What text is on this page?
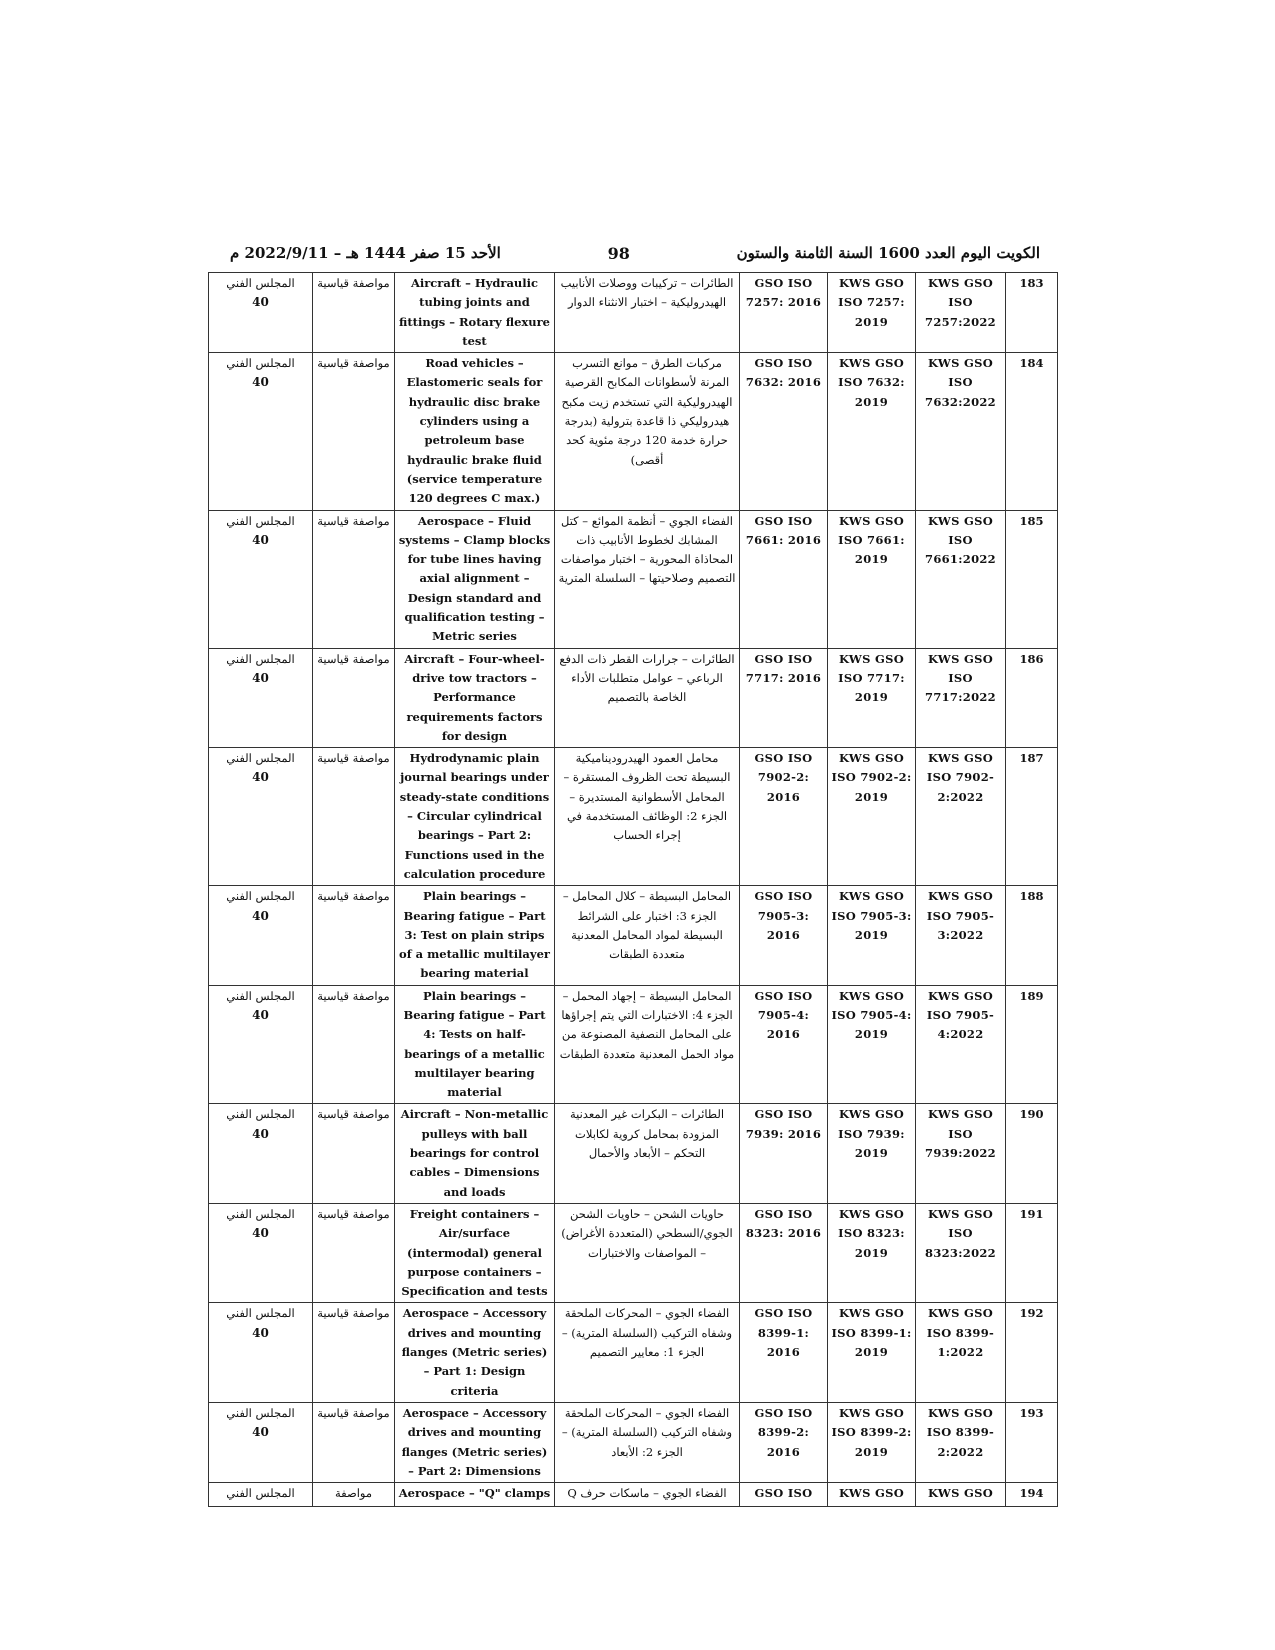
الكويت اليوم العدد 1600 السنة الثامنة والستون
98
الأحد 15 صفر 1444 هـ – 2022/9/11 م
183	KWS GSO ISO 7257:2022	KWS GSO ISO 7257: 2019	GSO ISO 7257: 2016	الطائرات – تركيبات ووصلات الأنابيب الهيدروليكية – اختبار الانثناء الدوار	Aircraft – Hydraulic tubing joints and fittings – Rotary flexure test	مواصفة قياسية	المجلس الفني
40

184	KWS GSO ISO 7632:2022	KWS GSO ISO 7632: 2019	GSO ISO 7632: 2016	مركبات الطرق – موانع التسرب المرنة لأسطوانات المكابح القرصية الهيدروليكية التي تستخدم زيت مكبح هيدروليكي ذا قاعدة بترولية (بدرجة حرارة خدمة 120 درجة مئوية كحد أقصى)	Road vehicles – Elastomeric seals for hydraulic disc brake cylinders using a petroleum base hydraulic brake fluid (service temperature 120 degrees C max.)	مواصفة قياسية	المجلس الفني
40

185	KWS GSO ISO 7661:2022	KWS GSO ISO 7661: 2019	GSO ISO 7661: 2016	الفضاء الجوي – أنظمة الموائع – كتل المشابك لخطوط الأنابيب ذات المحاذاة المحورية – اختبار مواصفات التصميم وصلاحيتها – السلسلة المترية	Aerospace – Fluid systems – Clamp blocks for tube lines having axial alignment – Design standard and qualification testing – Metric series	مواصفة قياسية	المجلس الفني
40

186	KWS GSO ISO 7717:2022	KWS GSO ISO 7717: 2019	GSO ISO 7717: 2016	الطائرات – جرارات القطر ذات الدفع الرباعي – عوامل متطلبات الأداء الخاصة بالتصميم	Aircraft – Four-wheel-drive tow tractors – Performance requirements factors for design	مواصفة قياسية	المجلس الفني
40

187	KWS GSO ISO 7902-2:2022	KWS GSO ISO 7902-2: 2019	GSO ISO 7902-2: 2016	محامل العمود الهيدروديناميكية البسيطة تحت الظروف المستقرة – المحامل الأسطوانية المستديرة – الجزء 2: الوظائف المستخدمة في إجراء الحساب	Hydrodynamic plain journal bearings under steady-state conditions – Circular cylindrical bearings – Part 2: Functions used in the calculation procedure	مواصفة قياسية	المجلس الفني
40

188	KWS GSO ISO 7905-3:2022	KWS GSO ISO 7905-3: 2019	GSO ISO 7905-3: 2016	المحامل البسيطة – كلال المحامل – الجزء 3: اختبار على الشرائط البسيطة لمواد المحامل المعدنية متعددة الطبقات	Plain bearings – Bearing fatigue – Part 3: Test on plain strips of a metallic multilayer bearing material	مواصفة قياسية	المجلس الفني
40

189	KWS GSO ISO 7905-4:2022	KWS GSO ISO 7905-4: 2019	GSO ISO 7905-4: 2016	المحامل البسيطة – إجهاد المحمل – الجزء 4: الاختبارات التي يتم إجراؤها على المحامل النصفية المصنوعة من مواد الحمل المعدنية متعددة الطبقات	Plain bearings – Bearing fatigue – Part 4: Tests on half-bearings of a metallic multilayer bearing material	مواصفة قياسية	المجلس الفني
40

190	KWS GSO ISO 7939:2022	KWS GSO ISO 7939: 2019	GSO ISO 7939: 2016	الطائرات – البكرات غير المعدنية المزودة بمحامل كروية لكابلات التحكم – الأبعاد والأحمال	Aircraft – Non-metallic pulleys with ball bearings for control cables – Dimensions and loads	مواصفة قياسية	المجلس الفني
40

191	KWS GSO ISO 8323:2022	KWS GSO ISO 8323: 2019	GSO ISO 8323: 2016	حاويات الشحن – حاويات الشحن الجوي/السطحي (المتعددة الأغراض) – المواصفات والاختبارات	Freight containers – Air/surface (intermodal) general purpose containers – Specification and tests	مواصفة قياسية	المجلس الفني
40

192	KWS GSO ISO 8399-1:2022	KWS GSO ISO 8399-1: 2019	GSO ISO 8399-1: 2016	الفضاء الجوي – المحركات الملحقة وشفاه التركيب (السلسلة المترية) – الجزء 1: معايير التصميم	Aerospace – Accessory drives and mounting flanges (Metric series) – Part 1: Design criteria	مواصفة قياسية	المجلس الفني
40

193	KWS GSO ISO 8399-2:2022	KWS GSO ISO 8399-2: 2019	GSO ISO 8399-2: 2016	الفضاء الجوي – المحركات الملحقة وشفاه التركيب (السلسلة المترية) – الجزء 2: الأبعاد	Aerospace – Accessory drives and mounting flanges (Metric series) – Part 2: Dimensions	مواصفة قياسية	المجلس الفني
40

194	KWS GSO	KWS GSO	GSO ISO	الفضاء الجوي – ماسكات حرف Q	Aerospace – "Q" clamps	مواصفة	المجلس الفني
